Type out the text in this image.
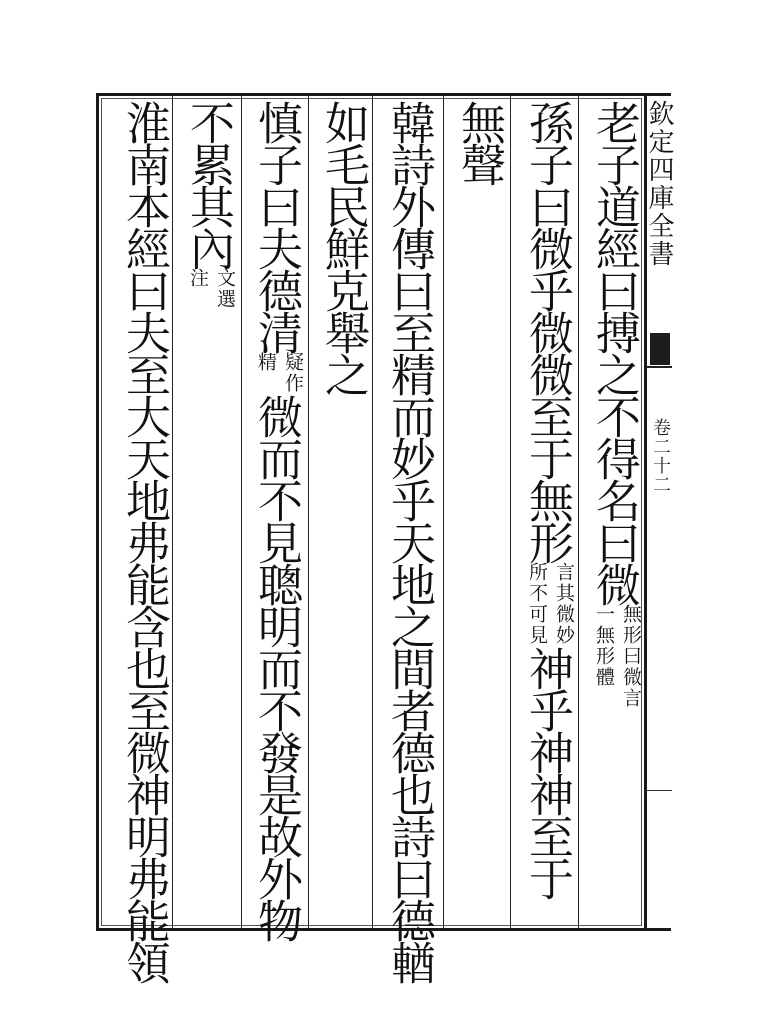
老子道經曰搏之不得名曰微
無形曰微言
一無形體
孫子曰微乎微微至于無形
言其微妙
所不可見
神乎神神至于
無聲
韓詩外傳曰至精而妙乎天地之間者德也詩曰德輶
如毛民鮮克舉之
慎子曰夫德清
疑作
精
微而不見聰明而不發是故外物
不累其內
文選
注
淮南本經曰夫至大天地弗能含也至微神明弗能領	欽定四庫全書
卷二十二
